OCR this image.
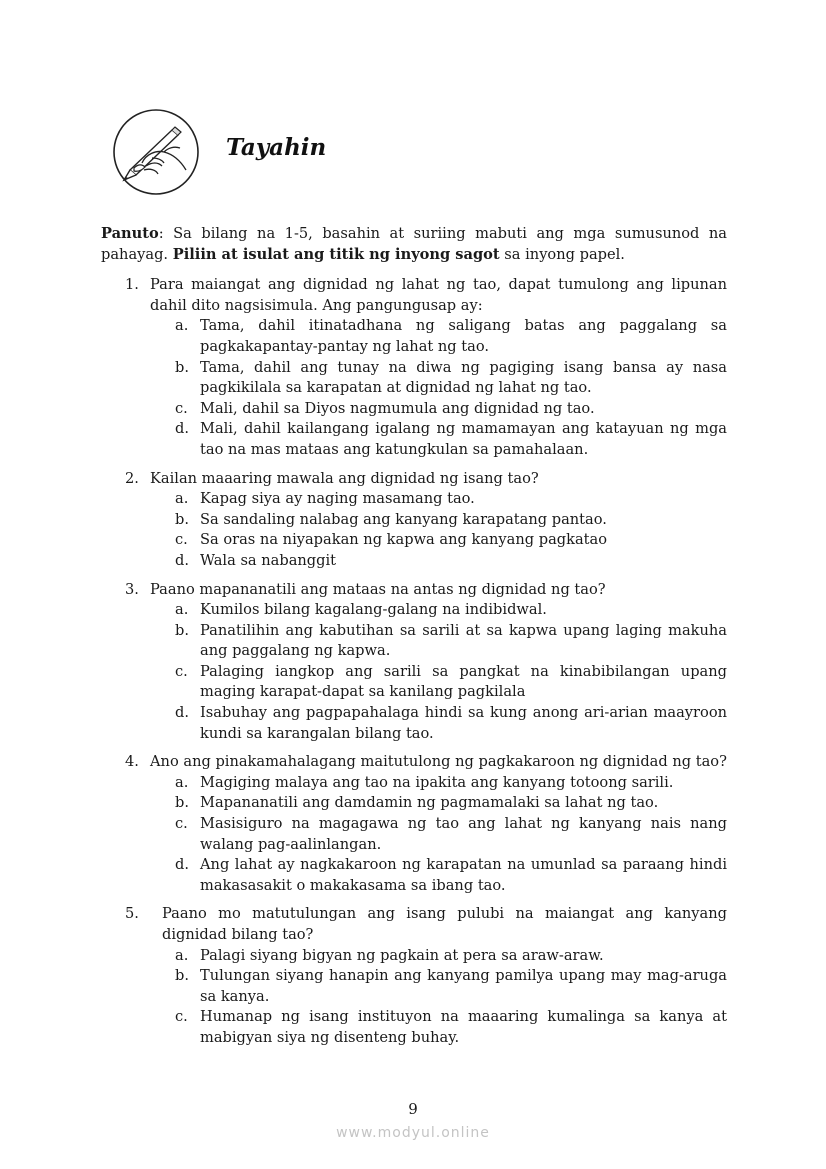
Tayahin

Panuto: Sa bilang na 1-5, basahin at suriing mabuti ang mga sumusunod na pahayag. Piliin at isulat ang titik ng inyong sagot sa inyong papel.

1. Para maiangat ang dignidad ng lahat ng tao, dapat tumulong ang lipunan dahil dito nagsisimula. Ang pangungusap ay:
a. Tama, dahil itinatadhana ng saligang batas ang paggalang sa pagkakapantay-pantay ng lahat ng tao.
b. Tama, dahil ang tunay na diwa ng pagiging isang bansa ay nasa pagkikilala sa karapatan at dignidad ng lahat ng tao.
c. Mali, dahil sa Diyos nagmumula ang dignidad ng tao.
d. Mali, dahil kailangang igalang ng mamamayan ang katayuan ng mga tao na mas mataas ang katungkulan sa pamahalaan.
2. Kailan maaaring mawala ang dignidad ng isang tao?
a. Kapag siya ay naging masamang tao.
b. Sa sandaling nalabag ang kanyang karapatang pantao.
c. Sa oras na niyapakan ng kapwa ang kanyang pagkatao
d. Wala sa nabanggit
3. Paano mapananatili ang mataas na antas ng dignidad ng tao?
a. Kumilos bilang kagalang-galang na indibidwal.
b. Panatilihin ang kabutihan sa sarili at sa kapwa upang laging makuha ang paggalang ng kapwa.
c. Palaging iangkop ang sarili sa pangkat na kinabibilangan upang maging karapat-dapat sa kanilang pagkilala
d. Isabuhay ang pagpapahalaga hindi sa kung anong ari-arian maayroon kundi sa karangalan bilang tao.
4. Ano ang pinakamahalagang maitutulong ng pagkakaroon ng dignidad ng tao?
a. Magiging malaya ang tao na ipakita ang kanyang totoong sarili.
b. Mapananatili ang damdamin ng pagmamalaki sa lahat ng tao.
c. Masisiguro na magagawa ng tao ang lahat ng kanyang nais nang walang pag-aalinlangan.
d. Ang lahat ay nagkakaroon ng karapatan na umunlad sa paraang hindi makasasakit o makakasama sa ibang tao.
5. Paano mo matutulungan ang isang pulubi na maiangat ang kanyang dignidad bilang tao?
a. Palagi siyang bigyan ng pagkain at pera sa araw-araw.
b. Tulungan siyang hanapin ang kanyang pamilya upang may mag-aruga sa kanya.
c. Humanap ng isang instituyon na maaaring kumalinga sa kanya at mabigyan siya ng disenteng buhay.
9
www.modyul.online
